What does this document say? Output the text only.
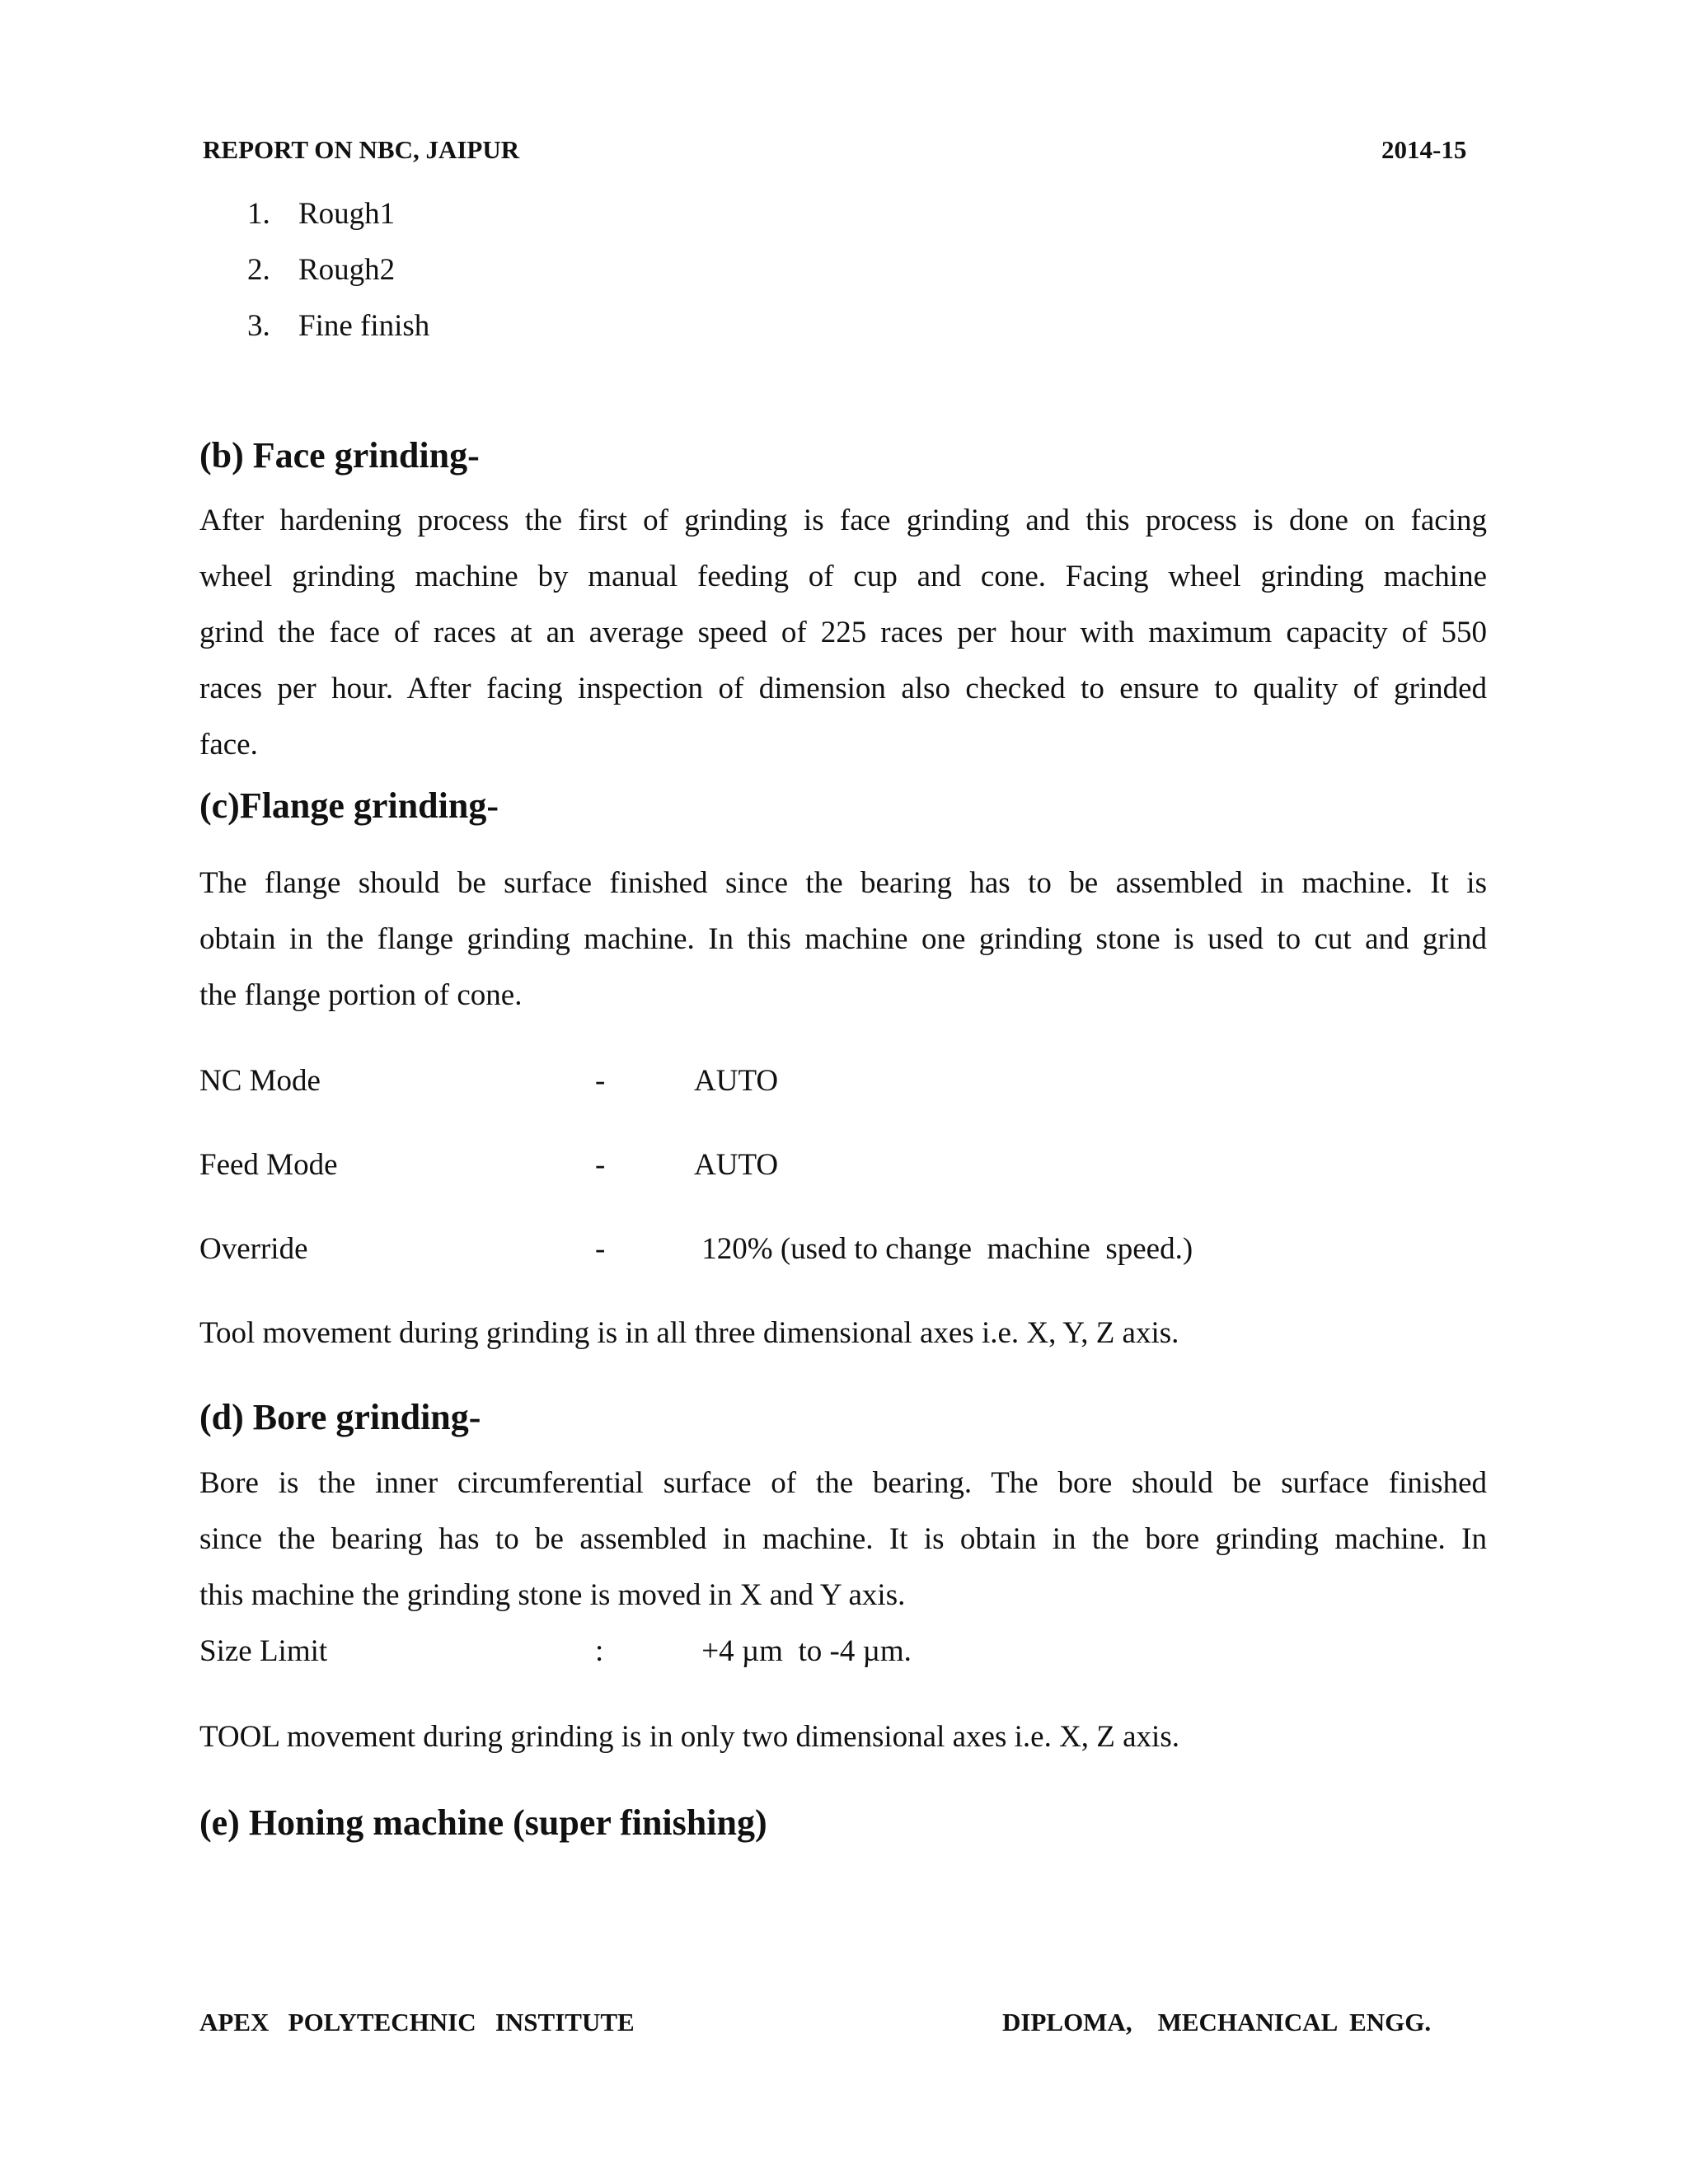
REPORT ON NBC, JAIPUR	2014-15
1. Rough1
2. Rough2
3. Fine finish
(b) Face grinding-
After hardening process the first of grinding is face grinding and this process is done on facing
wheel grinding machine by manual feeding of cup and cone. Facing wheel grinding machine
grind the face of races at an average speed of 225 races per hour with maximum capacity of 550
races per hour. After facing inspection of dimension also checked to ensure to quality of grinded
face.
(c)Flange grinding-
The flange should be surface finished since the bearing has to be assembled in machine. It is
obtain in the flange grinding machine. In this machine one grinding stone is used to cut and grind
the flange portion of cone.
NC Mode	-	AUTO
Feed Mode	-	AUTO
Override	-	120% (used to change  machine  speed.)
Tool movement during grinding is in all three dimensional axes i.e. X, Y, Z axis.
(d) Bore grinding-
Bore is the inner circumferential surface of the bearing. The bore should be surface finished
since the bearing has to be assembled in machine. It is obtain in the bore grinding machine. In
this machine the grinding stone is moved in X and Y axis.
Size Limit	:	+4 µm  to -4 µm.
TOOL movement during grinding is in only two dimensional axes i.e. X, Z axis.
(e) Honing machine (super finishing)
APEX   POLYTECHNIC   INSTITUTE	DIPLOMA,    MECHANICAL  ENGG.
